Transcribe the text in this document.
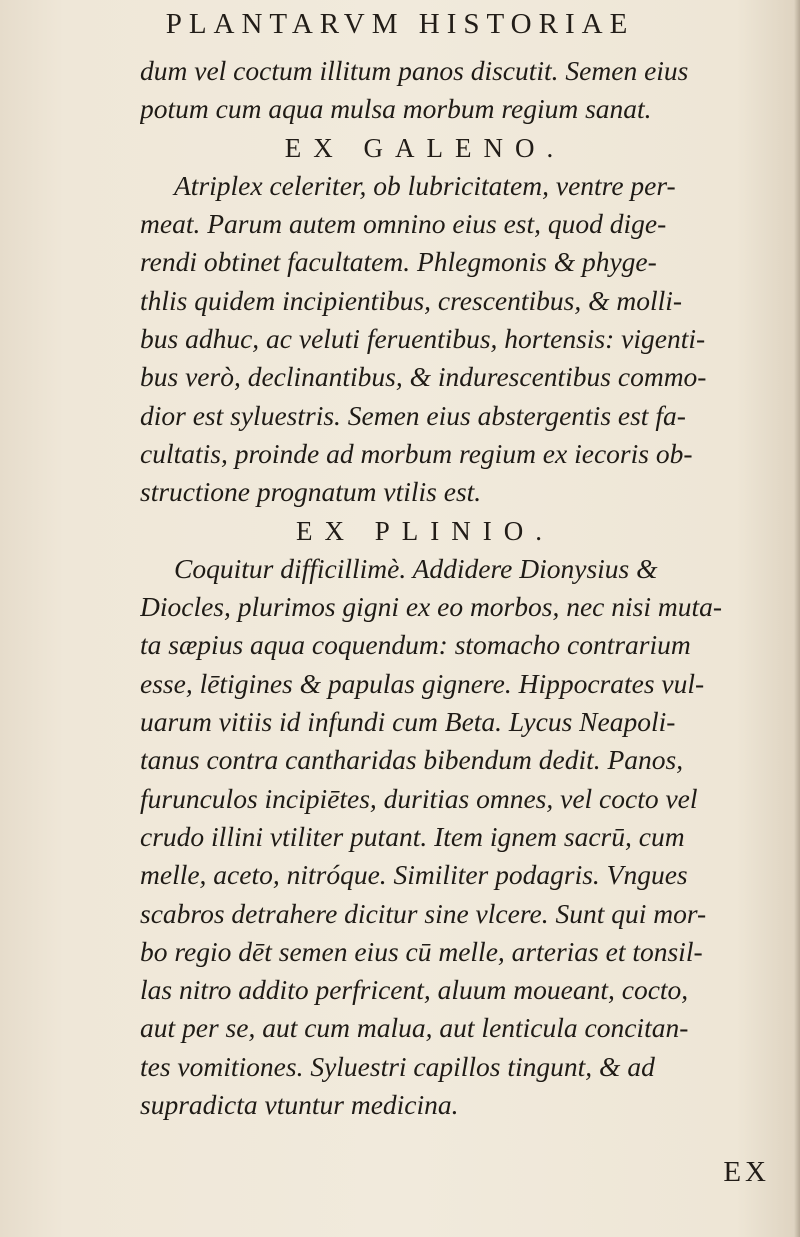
PLANTARVM HISTORIAE
dum vel coctum illitum panos discutit. Semen eius
potum cum aqua mulsa morbum regium sanat.
EX GALENO.
Atriplex celeriter, ob lubricitatem, ventre per-
meat. Parum autem omnino eius est, quod dige-
rendi obtinet facultatem. Phlegmonis & phyge-
thlis quidem incipientibus, crescentibus, & molli-
bus adhuc, ac veluti feruentibus, hortensis: vigenti-
bus verò, declinantibus, & indurescentibus commo-
dior est syluestris. Semen eius abstergentis est fa-
cultatis, proinde ad morbum regium ex iecoris ob-
structione prognatum vtilis est.
EX PLINIO.
Coquitur difficillimè. Addidere Dionysius &
Diocles, plurimos gigni ex eo morbos, nec nisi muta-
ta sæpius aqua coquendum: stomacho contrarium
esse, lētigines & papulas gignere. Hippocrates vul-
uarum vitiis id infundi cum Beta. Lycus Neapoli-
tanus contra cantharidas bibendum dedit. Panos,
furunculos incipiētes, duritias omnes, vel cocto vel
crudo illini vtiliter putant. Item ignem sacrū, cum
melle, aceto, nitróque. Similiter podagris. Vngues
scabros detrahere dicitur sine vlcere. Sunt qui mor-
bo regio dēt semen eius cū melle, arterias et tonsil-
las nitro addito perfricent, aluum moueant, cocto,
aut per se, aut cum malua, aut lenticula concitan-
tes vomitiones. Syluestri capillos tingunt, & ad
supradicta vtuntur medicina.
EX
